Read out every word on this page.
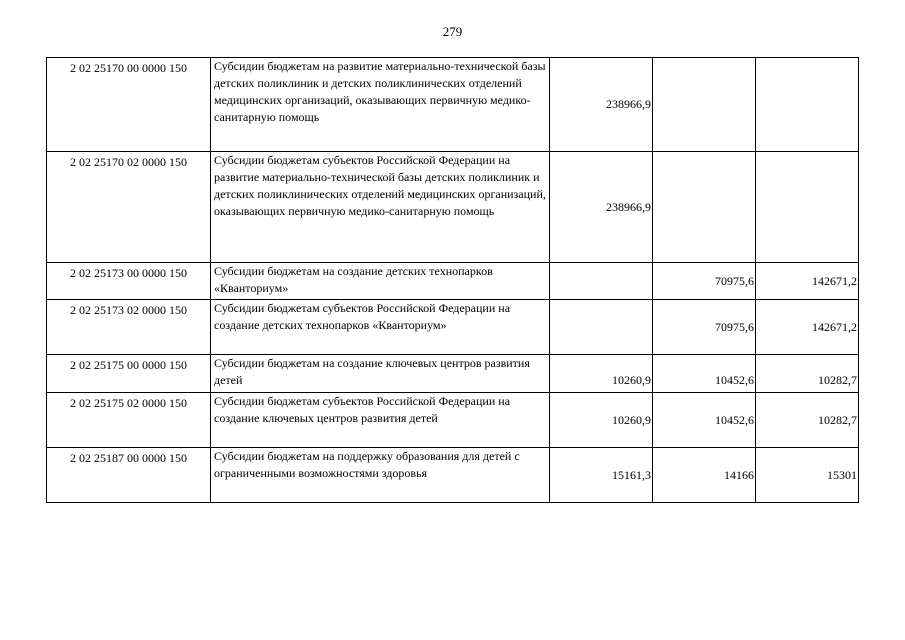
279
2 02 25170 00 0000 150	Субсидии бюджетам на развитие материально-технической базы детских поликлиник и детских поликлинических отделений медицинских организаций, оказывающих первичную медико-санитарную помощь	238966,9		
2 02 25170 02 0000 150	Субсидии бюджетам субъектов Российской Федерации на развитие материально-технической базы детских поликлиник и детских поликлинических отделений медицинских организаций, оказывающих первичную медико-санитарную помощь	238966,9		
2 02 25173 00 0000 150	Субсидии бюджетам на создание детских технопарков «Кванториум»		70975,6	142671,2
2 02 25173 02 0000 150	Субсидии бюджетам субъектов Российской Федерации на создание детских технопарков «Кванториум»		70975,6	142671,2
2 02 25175 00 0000 150	Субсидии бюджетам на создание ключевых центров развития детей	10260,9	10452,6	10282,7
2 02 25175 02 0000 150	Субсидии бюджетам субъектов Российской Федерации на создание ключевых центров развития детей	10260,9	10452,6	10282,7
2 02 25187 00 0000 150	Субсидии бюджетам на поддержку образования для детей с ограниченными возможностями здоровья	15161,3	14166	15301
